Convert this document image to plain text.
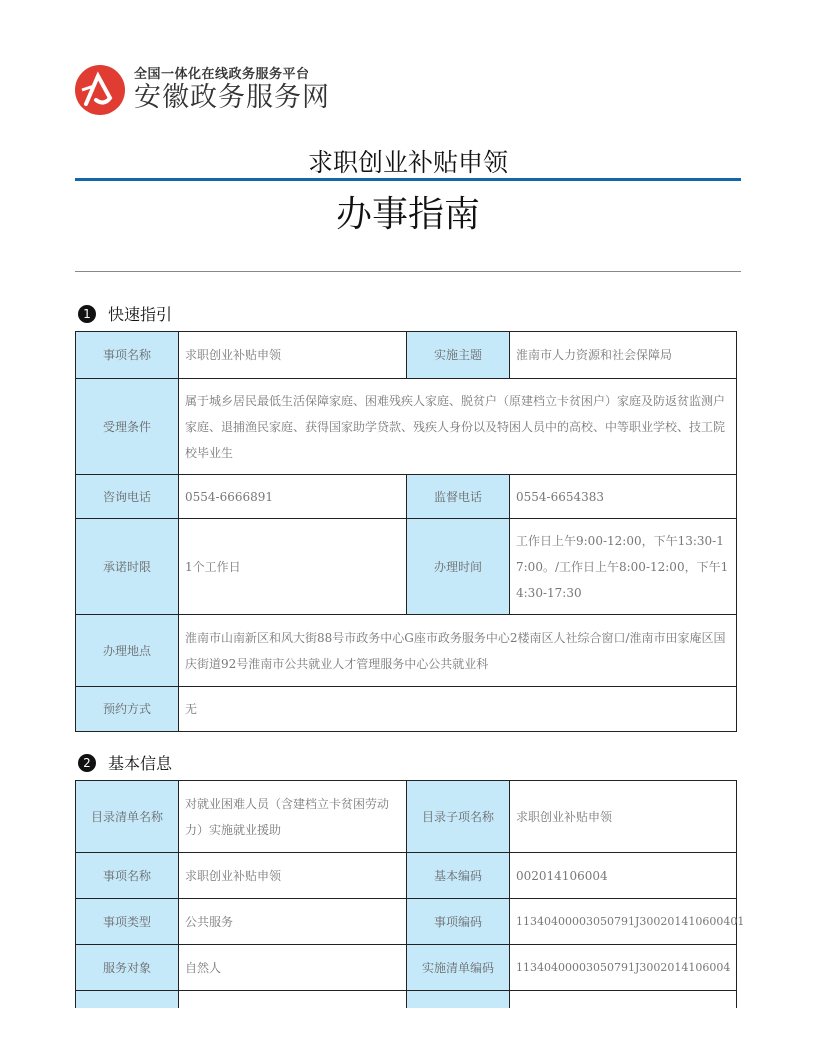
全国一体化在线政务服务平台
安徽政务服务网
求职创业补贴申领
办事指南
1	快速指引
事项名称	求职创业补贴申领	实施主题	淮南市人力资源和社会保障局
受理条件	属于城乡居民最低生活保障家庭、困难残疾人家庭、脱贫户（原建档立卡贫困户）家庭及防返贫监测户家庭、退捕渔民家庭、获得国家助学贷款、残疾人身份以及特困人员中的高校、中等职业学校、技工院校毕业生		
咨询电话	0554-6666891	监督电话	0554-6654383
承诺时限	1个工作日	办理时间	工作日上午9:00-12:00，下午13:30-17:00。/工作日上午8:00-12:00，下午14:30-17:30
办理地点	淮南市山南新区和风大街88号市政务中心G座市政务服务中心2楼南区人社综合窗口/淮南市田家庵区国庆街道92号淮南市公共就业人才管理服务中心公共就业科		
预约方式	无		
2	基本信息
目录清单名称	对就业困难人员（含建档立卡贫困劳动力）实施就业援助	目录子项名称	求职创业补贴申领
事项名称	求职创业补贴申领	基本编码	002014106004
事项类型	公共服务	事项编码	11340400003050791J300201410600401
服务对象	自然人	实施清单编码	11340400003050791J3002014106004
